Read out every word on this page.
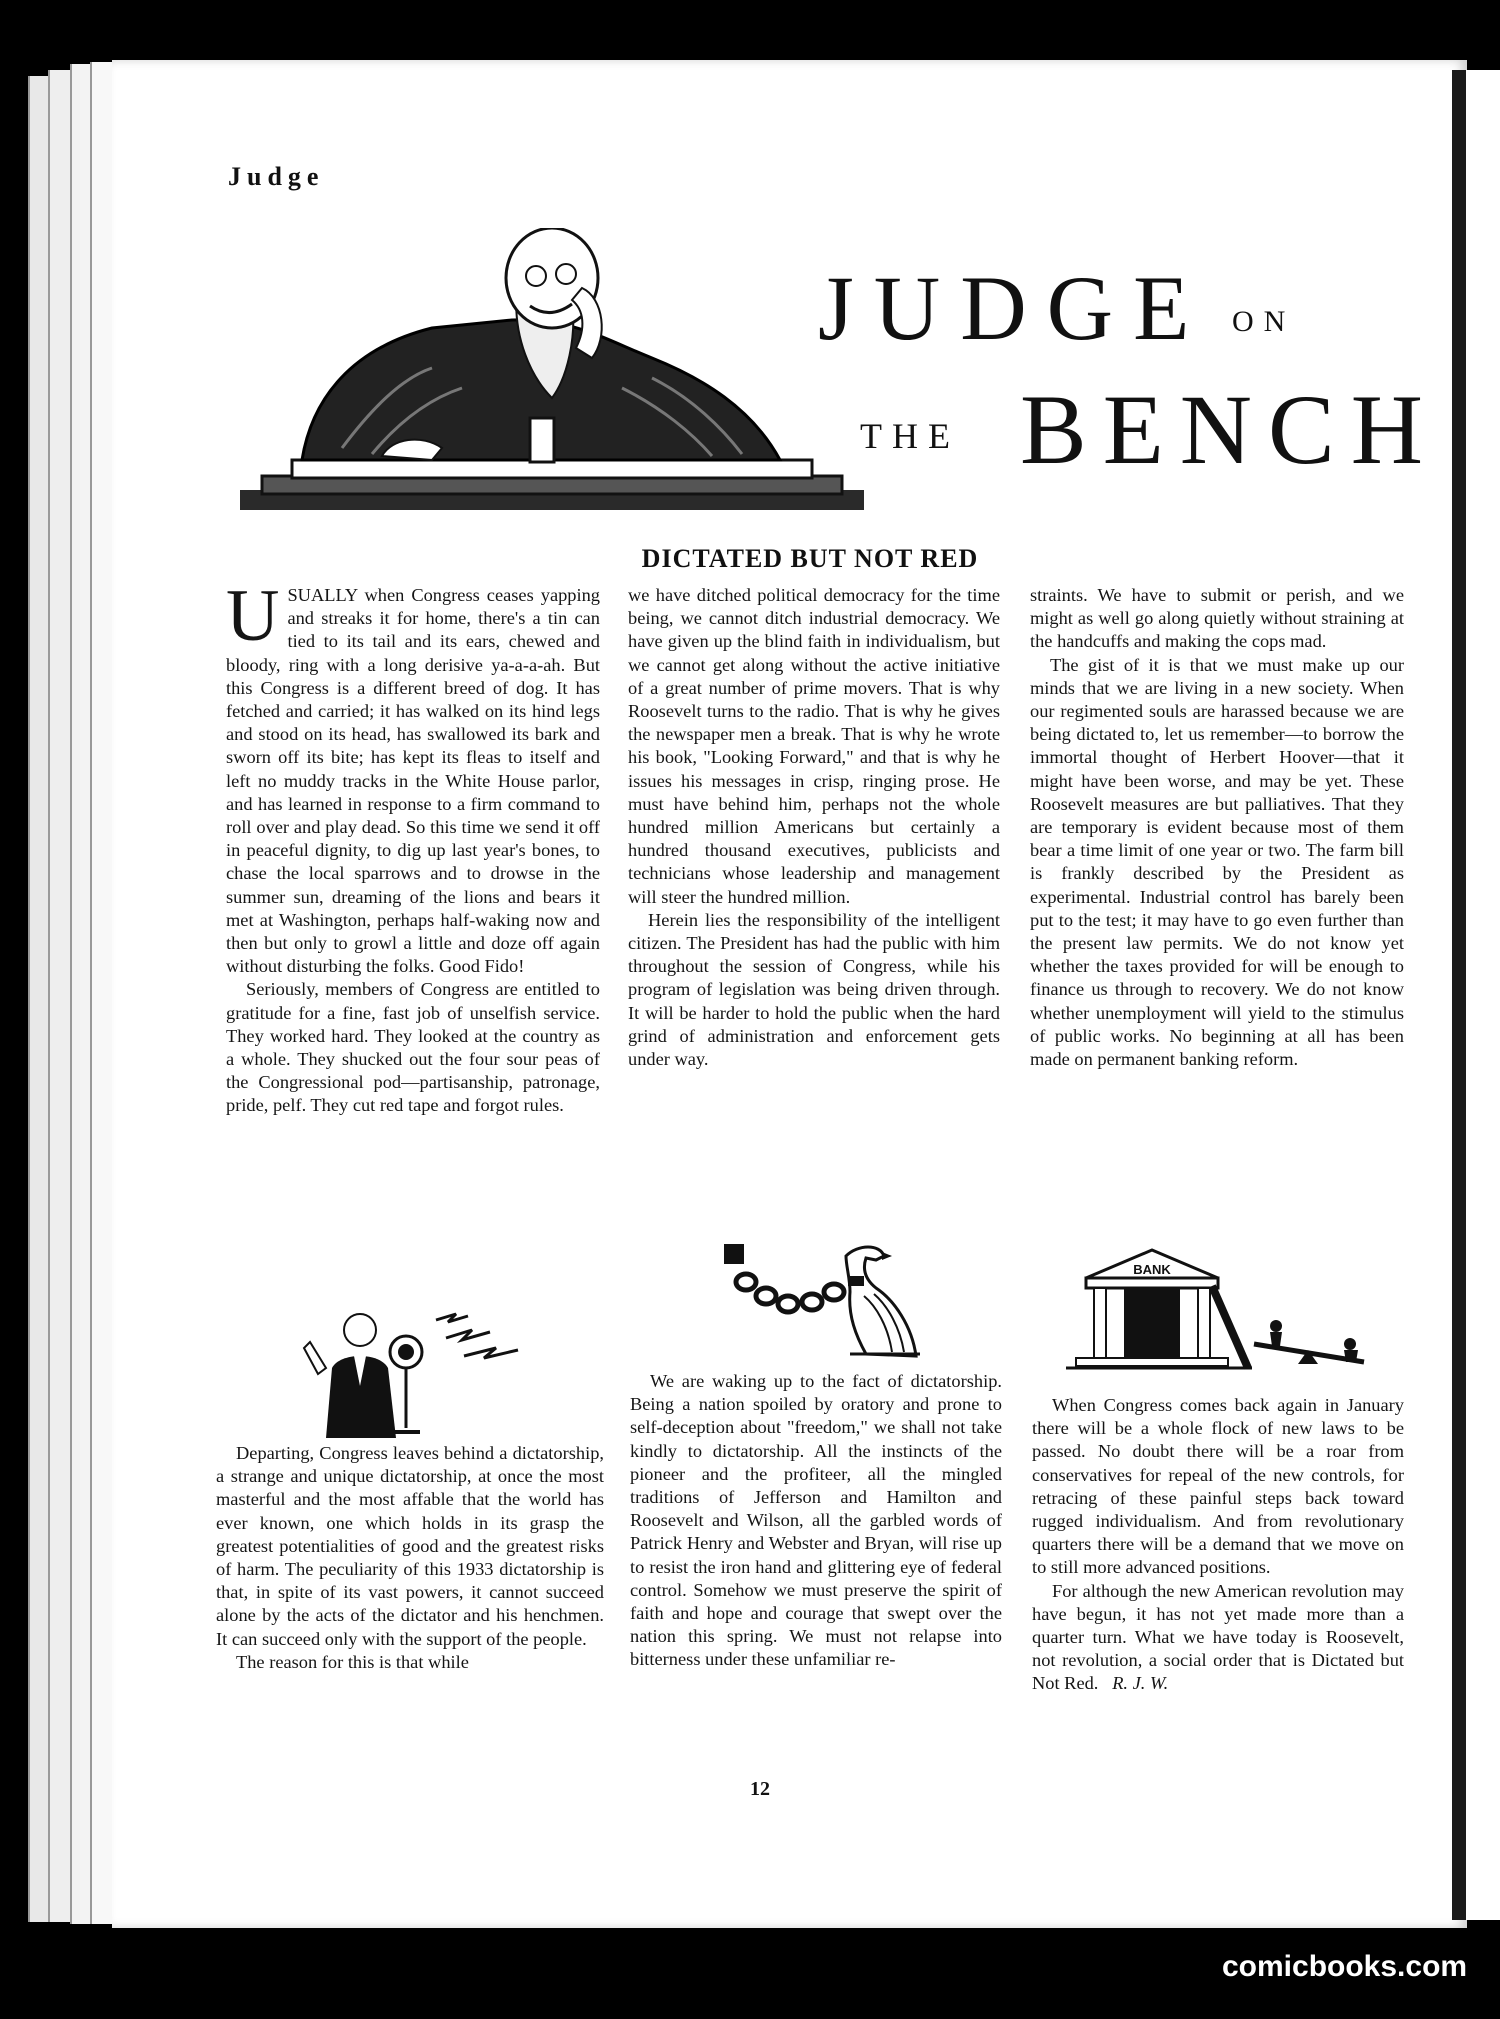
Judge
JUDGE ON
THE BENCH
DICTATED BUT NOT RED

USUALLY when Congress ceases yapping and streaks it for home, there's a tin can tied to its tail and its ears, chewed and bloody, ring with a long derisive ya-a-a-ah. But this Congress is a different breed of dog. It has fetched and carried; it has walked on its hind legs and stood on its head, has swallowed its bark and sworn off its bite; has kept its fleas to itself and left no muddy tracks in the White House parlor, and has learned in response to a firm command to roll over and play dead. So this time we send it off in peaceful dignity, to dig up last year's bones, to chase the local sparrows and to drowse in the summer sun, dreaming of the lions and bears it met at Washington, perhaps half-waking now and then but only to growl a little and doze off again without disturbing the folks. Good Fido!

Seriously, members of Congress are entitled to gratitude for a fine, fast job of unselfish service. They worked hard. They looked at the country as a whole. They shucked out the four sour peas of the Congressional pod—partisanship, patronage, pride, pelf. They cut red tape and forgot rules.

Departing, Congress leaves behind a dictatorship, a strange and unique dictatorship, at once the most masterful and the most affable that the world has ever known, one which holds in its grasp the greatest potentialities of good and the greatest risks of harm. The peculiarity of this 1933 dictatorship is that, in spite of its vast powers, it cannot succeed alone by the acts of the dictator and his henchmen. It can succeed only with the support of the people.

The reason for this is that while

we have ditched political democracy for the time being, we cannot ditch industrial democracy. We have given up the blind faith in individualism, but we cannot get along without the active initiative of a great number of prime movers. That is why Roosevelt turns to the radio. That is why he gives the newspaper men a break. That is why he wrote his book, "Looking Forward," and that is why he issues his messages in crisp, ringing prose. He must have behind him, perhaps not the whole hundred million Americans but certainly a hundred thousand executives, publicists and technicians whose leadership and management will steer the hundred million.

Herein lies the responsibility of the intelligent citizen. The President has had the public with him throughout the session of Congress, while his program of legislation was being driven through. It will be harder to hold the public when the hard grind of administration and enforcement gets under way.

We are waking up to the fact of dictatorship. Being a nation spoiled by oratory and prone to self-deception about "freedom," we shall not take kindly to dictatorship. All the instincts of the pioneer and the profiteer, all the mingled traditions of Jefferson and Hamilton and Roosevelt and Wilson, all the garbled words of Patrick Henry and Webster and Bryan, will rise up to resist the iron hand and glittering eye of federal control. Somehow we must preserve the spirit of faith and hope and courage that swept over the nation this spring. We must not relapse into bitterness under these unfamiliar re-

straints. We have to submit or perish, and we might as well go along quietly without straining at the handcuffs and making the cops mad.

The gist of it is that we must make up our minds that we are living in a new society. When our regimented souls are harassed because we are being dictated to, let us remember—to borrow the immortal thought of Herbert Hoover—that it might have been worse, and may be yet. These Roosevelt measures are but palliatives. That they are temporary is evident because most of them bear a time limit of one year or two. The farm bill is frankly described by the President as experimental. Industrial control has barely been put to the test; it may have to go even further than the present law permits. We do not know yet whether the taxes provided for will be enough to finance us through to recovery. We do not know whether unemployment will yield to the stimulus of public works. No beginning at all has been made on permanent banking reform.

BANK

When Congress comes back again in January there will be a whole flock of new laws to be passed. No doubt there will be a roar from conservatives for repeal of the new controls, for retracing of these painful steps back toward rugged individualism. And from revolutionary quarters there will be a demand that we move on to still more advanced positions.

For although the new American revolution may have begun, it has not yet made more than a quarter turn. What we have today is Roosevelt, not revolution, a social order that is Dictated but Not Red. R. J. W.

12
comicbooks.com
